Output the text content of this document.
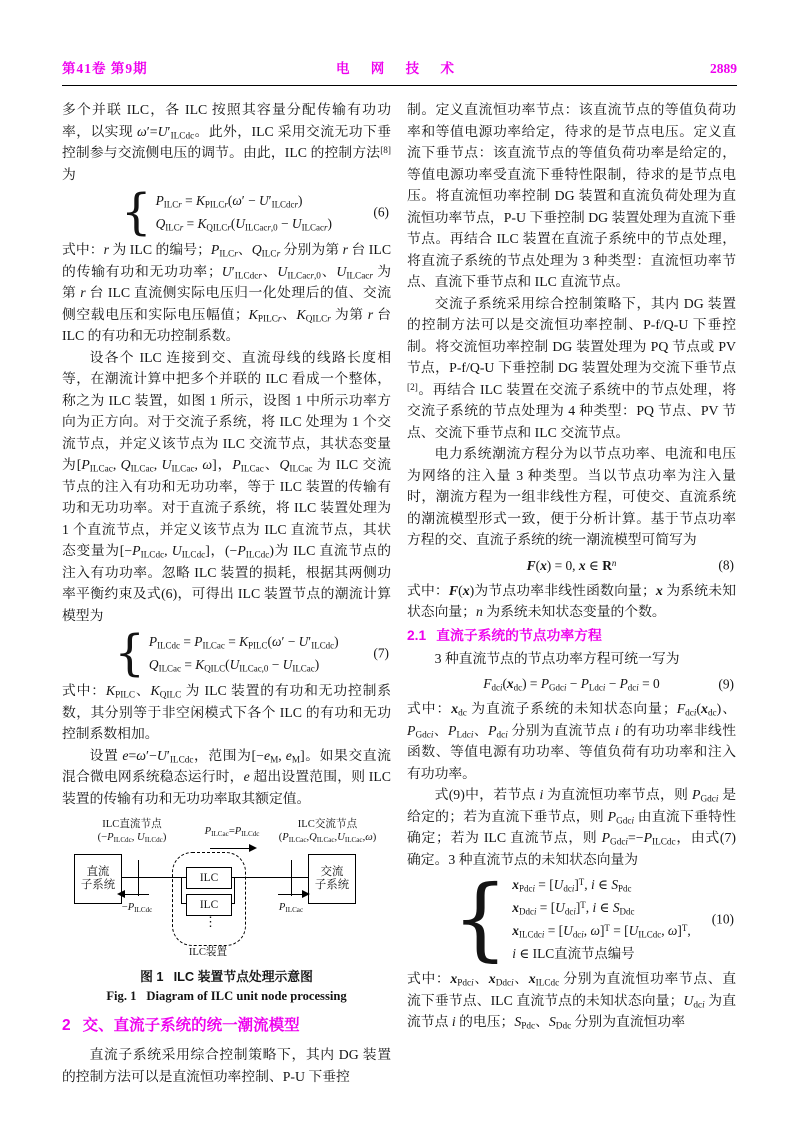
第41卷 第9期	电 网 技 术	2889

多个并联 ILC，各 ILC 按照其容量分配传输有功功率，以实现 $\omega'=U'_{ILCdc}$。此外，ILC 采用交流无功下垂控制参与交流侧电压的调节。由此，ILC 的控制方法[8]为

{ $P_{ILCr} = K_{PILCr}(\omega' - U'_{ILCdcr})$
$Q_{ILCr} = K_{QILCr}(U_{ILCacr,0} - U_{ILCacr})$
(6)

式中：r 为 ILC 的编号；$P_{ILCr}$、$Q_{ILCr}$ 分别为第 r 台 ILC 的传输有功和无功功率；$U'_{ILCdcr}$、$U_{ILCacr,0}$、$U_{ILCacr}$ 为第 r 台 ILC 直流侧实际电压归一化处理后的值、交流侧空载电压和实际电压幅值；$K_{PILCr}$、$K_{QILCr}$ 为第 r 台 ILC 的有功和无功控制系数。

设各个 ILC 连接到交、直流母线的线路长度相等，在潮流计算中把多个并联的 ILC 看成一个整体，称之为 ILC 装置，如图 1 所示，设图 1 中所示功率方向为正方向。对于交流子系统，将 ILC 处理为 1 个交流节点，并定义该节点为 ILC 交流节点，其状态变量为[$P_{ILCac}$, $Q_{ILCac}$, $U_{ILCac}$, ω]，$P_{ILCac}$、$Q_{ILCac}$ 为 ILC 交流节点的注入有功和无功功率，等于 ILC 装置的传输有功和无功功率。对于直流子系统，将 ILC 装置处理为 1 个直流节点，并定义该节点为 ILC 直流节点，其状态变量为[$-P_{ILCdc}$, $U_{ILCdc}$]，$(-P_{ILCdc})$为 ILC 直流节点的注入有功功率。忽略 ILC 装置的损耗，根据其两侧功率平衡约束及式(6)，可得出 ILC 装置节点的潮流计算模型为

{ $P_{ILCdc} = P_{ILCac} = K_{PILC}(\omega' - U'_{ILCdc})$
$Q_{ILCac} = K_{QILC}(U_{ILCac,0} - U_{ILCac})$
(7)

式中：$K_{PILC}$、$K_{QILC}$ 为 ILC 装置的有功和无功控制系数，其分别等于非空闲模式下各个 ILC 的有功和无功控制系数相加。

设置 $e=\omega'-U'_{ILCdc}$，范围为[$-e_M$, $e_M$]。如果交直流混合微电网系统稳态运行时，e 超出设置范围，则 ILC 装置的传输有功和无功功率取其额定值。

ILC直流节点
($-P_{ILCdc}$, $U_{ILCdc}$)
$P_{ILCac}=P_{ILCdc}$
ILC交流节点
$(P_{ILCac},Q_{ILCac},U_{ILCac},\omega)$
直流
子系统
交流
子系统
ILC
ILC
⋮
ILC装置
$-P_{ILCdc}$	$P_{ILCac}$
图 1 ILC 装置节点处理示意图
Fig. 1 Diagram of ILC unit node processing
2 交、直流子系统的统一潮流模型

直流子系统采用综合控制策略下，其内 DG 装置的控制方法可以是直流恒功率控制、P-U 下垂控

制。定义直流恒功率节点：该直流节点的等值负荷功率和等值电源功率给定，待求的是节点电压。定义直流下垂节点：该直流节点的等值负荷功率是给定的，等值电源功率受直流下垂特性限制，待求的是节点电压。将直流恒功率控制 DG 装置和直流负荷处理为直流恒功率节点，P-U 下垂控制 DG 装置处理为直流下垂节点。再结合 ILC 装置在直流子系统中的节点处理，将直流子系统的节点处理为 3 种类型：直流恒功率节点、直流下垂节点和 ILC 直流节点。

交流子系统采用综合控制策略下，其内 DG 装置的控制方法可以是交流恒功率控制、P-f/Q-U 下垂控制。将交流恒功率控制 DG 装置处理为 PQ 节点或 PV 节点，P-f/Q-U 下垂控制 DG 装置处理为交流下垂节点[2]。再结合 ILC 装置在交流子系统中的节点处理，将交流子系统的节点处理为 4 种类型：PQ 节点、PV 节点、交流下垂节点和 ILC 交流节点。

电力系统潮流方程分为以节点功率、电流和电压为网络的注入量 3 种类型。当以节点功率为注入量时，潮流方程为一组非线性方程，可使交、直流系统的潮流模型形式一致，便于分析计算。基于节点功率方程的交、直流子系统的统一潮流模型可简写为

F(x) = 0, x ∈ $R^n$	(8)

式中：F(x)为节点功率非线性函数向量；x 为系统未知状态向量；n 为系统未知状态变量的个数。

2.1 直流子系统的节点功率方程

3 种直流节点的节点功率方程可统一写为

$F_{dci}(x_{dc}) = P_{Gdci} - P_{Ldci} - P_{dci} = 0$	(9)

式中：$x_{dc}$ 为直流子系统的未知状态向量；$F_{dci}(x_{dc})$、$P_{Gdci}$、$P_{Ldci}$、$P_{dci}$ 分别为直流节点 i 的有功功率非线性函数、等值电源有功功率、等值负荷有功功率和注入有功功率。

式(9)中，若节点 i 为直流恒功率节点，则 $P_{Gdci}$ 是给定的；若为直流下垂节点，则 $P_{Gdci}$ 由直流下垂特性确定；若为 ILC 直流节点，则 $P_{Gdci}=-P_{ILCdc}$，由式(7)确定。3 种直流节点的未知状态向量为

{ $x_{Pdci} = [U_{dci}]^T$, i ∈ $S_{Pdc}$
$x_{Ddci} = [U_{dci}]^T$, i ∈ $S_{Ddc}$
$x_{ILCdci} = [U_{dci}$, $\omega]^T = [U_{ILCdc}$, ω]$^T$,
i ∈ ILC直流节点编号
(10)

式中：$x_{Pdci}$、$x_{Ddci}$、$x_{ILCdc}$ 分别为直流恒功率节点、直流下垂节点、ILC 直流节点的未知状态向量；$U_{dci}$ 为直流节点 i 的电压；$S_{Pdc}$、$S_{Ddc}$ 分别为直流恒功率
